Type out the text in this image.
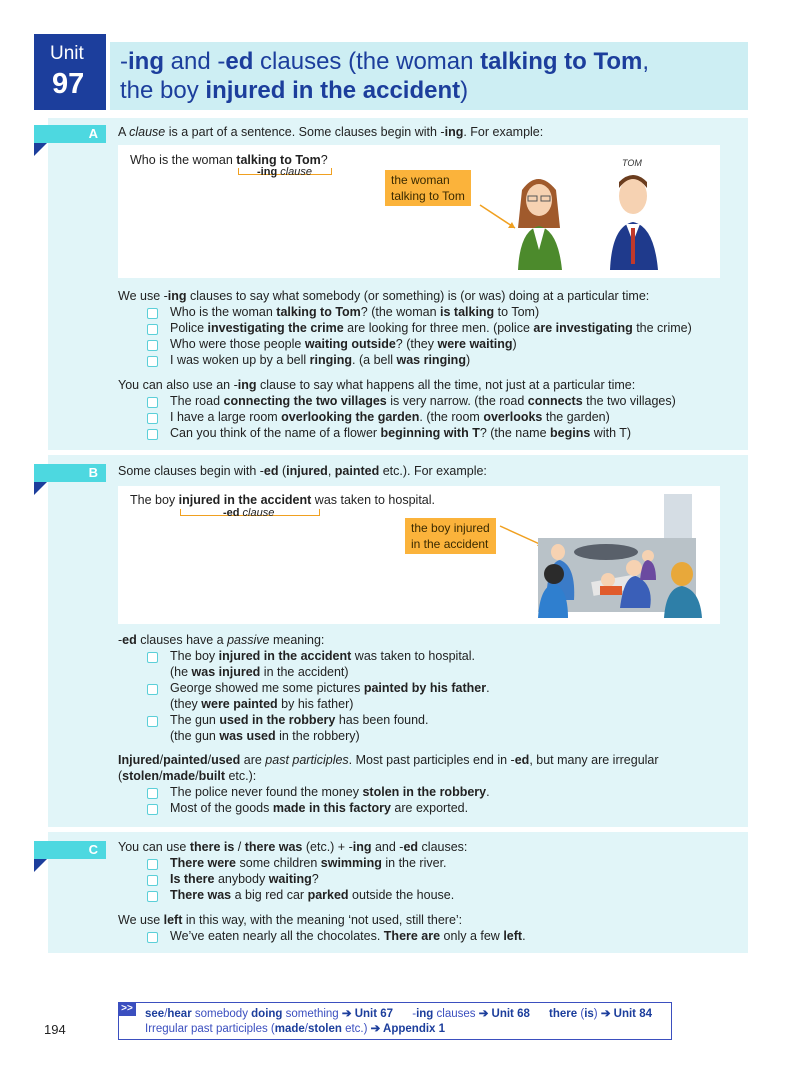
Unit
97
-ing and -ed clauses (the woman talking to Tom,
the boy injured in the accident)
A	A clause is a part of a sentence. Some clauses begin with -ing. For example:
Who is the woman talking to Tom?
-ing clause
the woman
talking to Tom
TOM
We use -ing clauses to say what somebody (or something) is (or was) doing at a particular time:
Who is the woman talking to Tom? (the woman is talking to Tom)
Police investigating the crime are looking for three men. (police are investigating the crime)
Who were those people waiting outside? (they were waiting)
I was woken up by a bell ringing. (a bell was ringing)
You can also use an -ing clause to say what happens all the time, not just at a particular time:
The road connecting the two villages is very narrow. (the road connects the two villages)
I have a large room overlooking the garden. (the room overlooks the garden)
Can you think of the name of a flower beginning with T? (the name begins with T)
B	Some clauses begin with -ed (injured, painted etc.). For example:
The boy injured in the accident was taken to hospital.
-ed clause
the boy injured
in the accident
-ed clauses have a passive meaning:
The boy injured in the accident was taken to hospital.
(he was injured in the accident)
George showed me some pictures painted by his father.
(they were painted by his father)
The gun used in the robbery has been found.
(the gun was used in the robbery)
Injured/painted/used are past participles. Most past participles end in -ed, but many are irregular
(stolen/made/built etc.):
The police never found the money stolen in the robbery.
Most of the goods made in this factory are exported.
C	You can use there is / there was (etc.) + -ing and -ed clauses:
There were some children swimming in the river.
Is there anybody waiting?
There was a big red car parked outside the house.
We use left in this way, with the meaning ‘not used, still there’:
We’ve eaten nearly all the chocolates. There are only a few left.
see/hear somebody doing something ➔ Unit 67      -ing clauses ➔ Unit 68 there (is) ➔ Unit 84
Irregular past participles (made/stolen etc.) ➔ Appendix 1
>>
194
